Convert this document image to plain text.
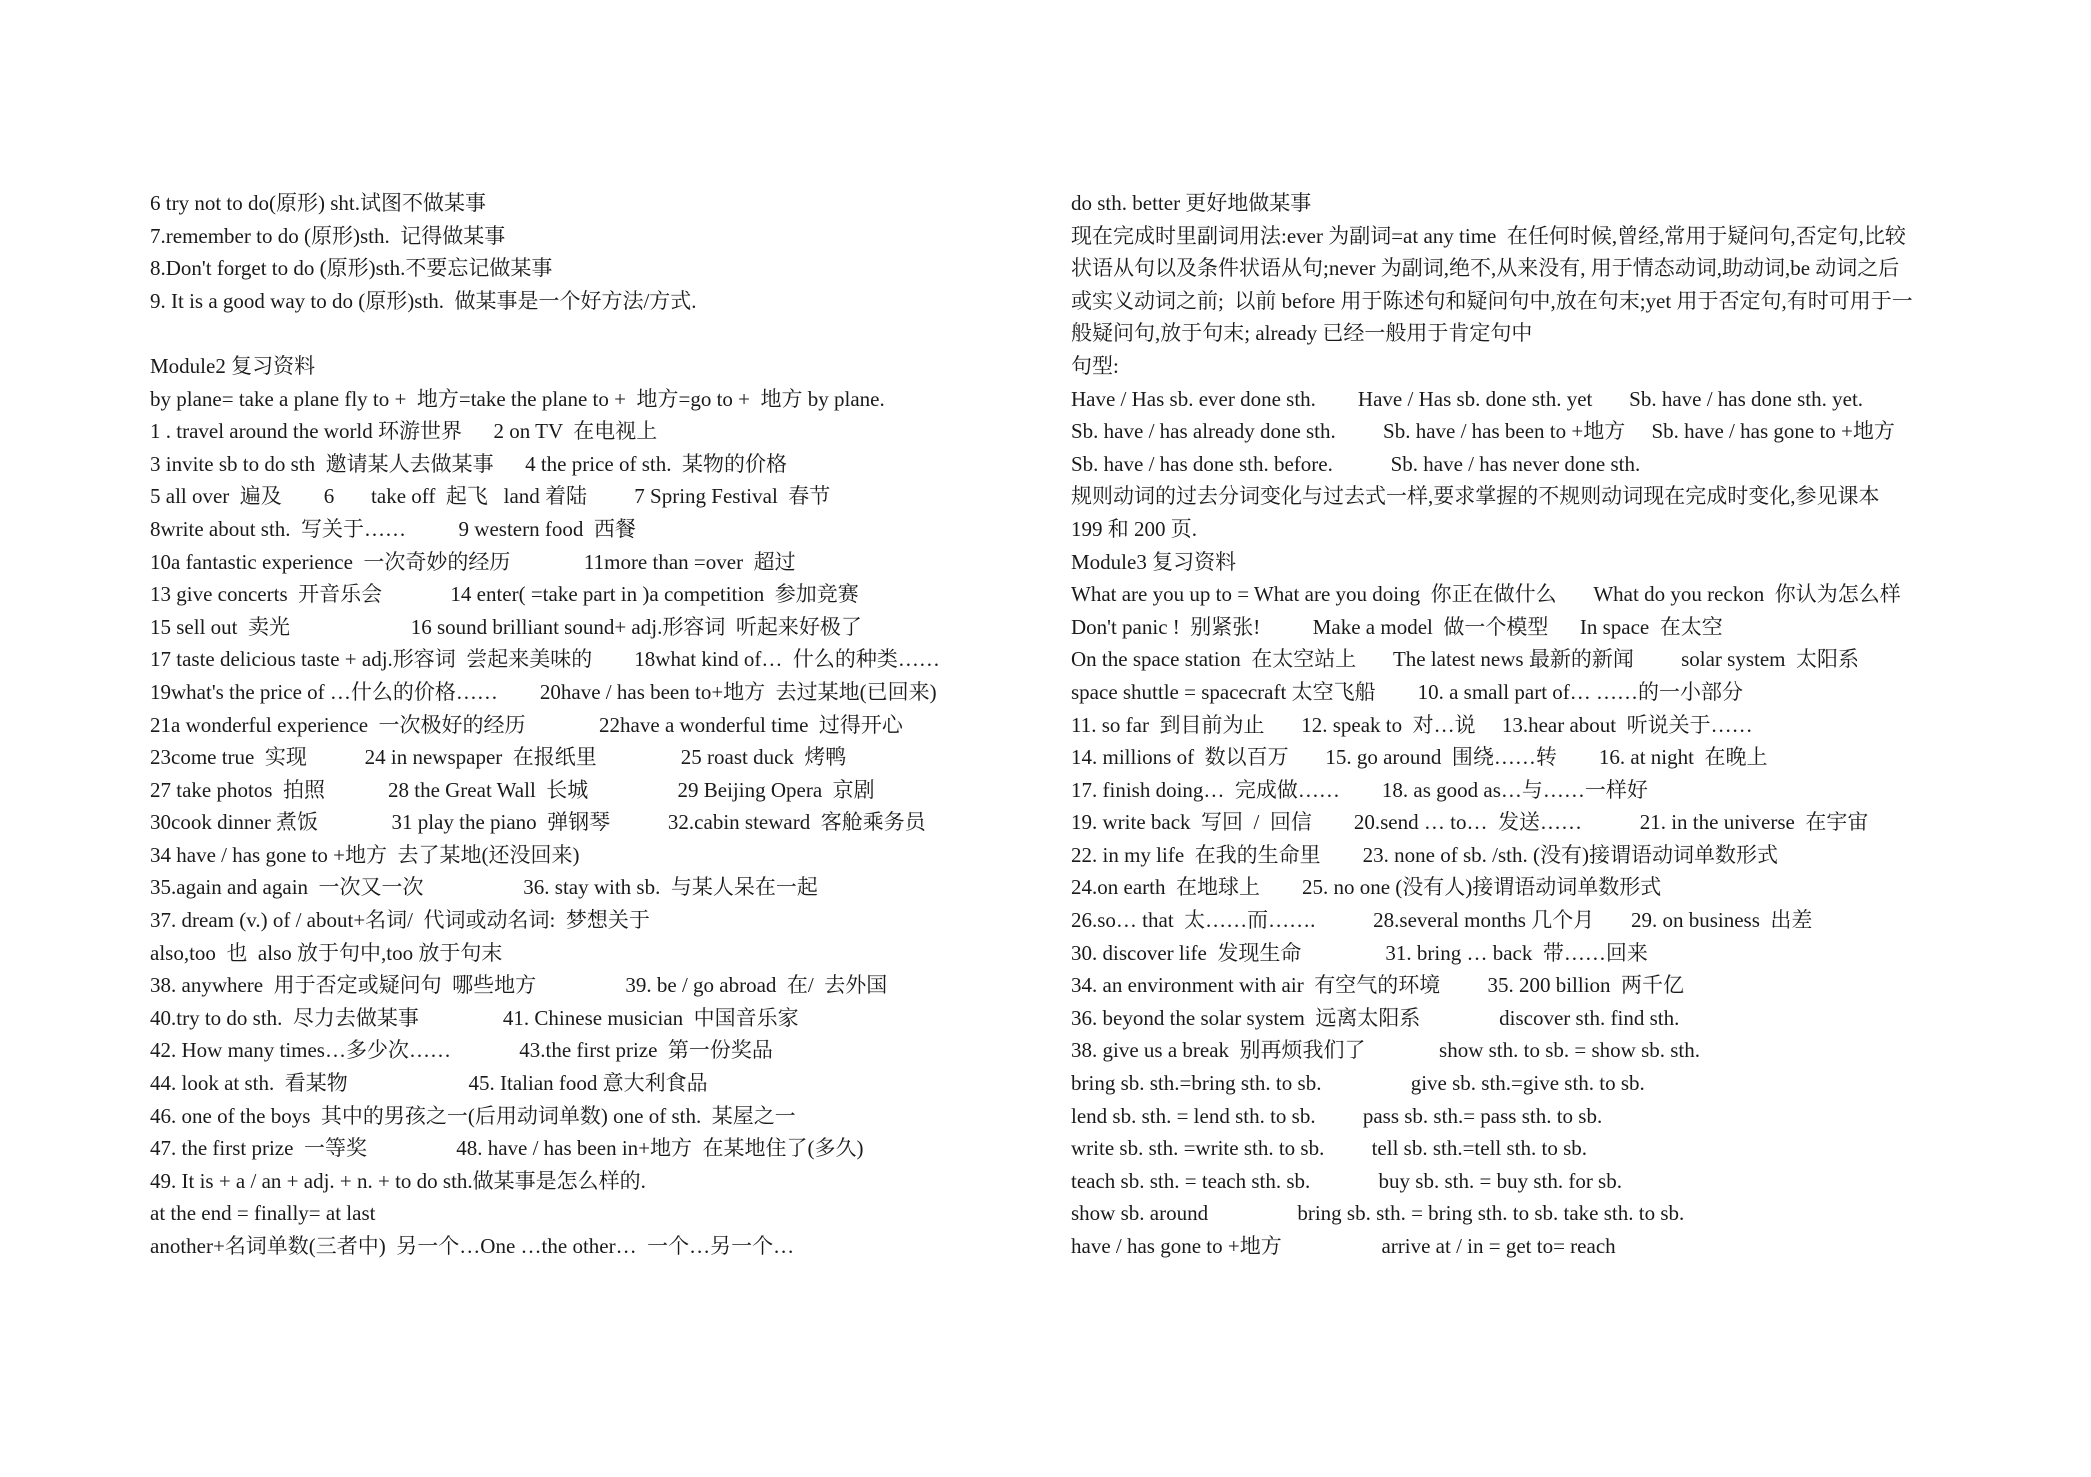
6 try not to do(原形) sht.试图不做某事
7.remember to do (原形)sth.  记得做某事
8.Don't forget to do (原形)sth.不要忘记做某事
9. It is a good way to do (原形)sth.  做某事是一个好方法/方式.
Module2 复习资料
by plane= take a plane fly to +  地方=take the plane to +  地方=go to +  地方 by plane.
1 . travel around the world 环游世界      2 on TV  在电视上
3 invite sb to do sth  邀请某人去做某事      4 the price of sth.  某物的价格
5 all over  遍及        6       take off  起飞   land 着陆         7 Spring Festival  春节
8write about sth.  写关于……          9 western food  西餐
10a fantastic experience  一次奇妙的经历              11more than =over  超过
13 give concerts  开音乐会             14 enter( =take part in )a competition  参加竞赛
15 sell out  卖光                       16 sound brilliant sound+ adj.形容词  听起来好极了
17 taste delicious taste + adj.形容词  尝起来美味的        18what kind of…  什么的种类……
19what's the price of …什么的价格……        20have / has been to+地方  去过某地(已回来)
21a wonderful experience  一次极好的经历              22have a wonderful time  过得开心
23come true  实现           24 in newspaper  在报纸里                25 roast duck  烤鸭
27 take photos  拍照            28 the Great Wall  长城                 29 Beijing Opera  京剧
30cook dinner 煮饭              31 play the piano  弹钢琴           32.cabin steward  客舱乘务员
34 have / has gone to +地方  去了某地(还没回来)
35.again and again  一次又一次                   36. stay with sb.  与某人呆在一起
37. dream (v.) of / about+名词/  代词或动名词:  梦想关于
also,too  也  also 放于句中,too 放于句末
38. anywhere  用于否定或疑问句  哪些地方                 39. be / go abroad  在/  去外国
40.try to do sth.  尽力去做某事                41. Chinese musician  中国音乐家
42. How many times…多少次……             43.the first prize  第一份奖品
44. look at sth.  看某物                       45. Italian food 意大利食品
46. one of the boys  其中的男孩之一(后用动词单数) one of sth.  某屋之一
47. the first prize  一等奖                 48. have / has been in+地方  在某地住了(多久)
49. It is + a / an + adj. + n. + to do sth.做某事是怎么样的.
at the end = finally= at last
another+名词单数(三者中)  另一个…One …the other…  一个…另一个…
do sth. better 更好地做某事
现在完成时里副词用法:ever 为副词=at any time  在任何时候,曾经,常用于疑问句,否定句,比较
状语从句以及条件状语从句;never 为副词,绝不,从来没有, 用于情态动词,助动词,be 动词之后
或实义动词之前;  以前 before 用于陈述句和疑问句中,放在句末;yet 用于否定句,有时可用于一
般疑问句,放于句末; already 已经一般用于肯定句中
句型:
Have / Has sb. ever done sth.        Have / Has sb. done sth. yet       Sb. have / has done sth. yet.
Sb. have / has already done sth.         Sb. have / has been to +地方     Sb. have / has gone to +地方
Sb. have / has done sth. before.           Sb. have / has never done sth.
规则动词的过去分词变化与过去式一样,要求掌握的不规则动词现在完成时变化,参见课本
199 和 200 页.
Module3 复习资料
What are you up to = What are you doing  你正在做什么       What do you reckon  你认为怎么样
Don't panic !  别紧张!          Make a model  做一个模型      In space  在太空
On the space station  在太空站上       The latest news 最新的新闻         solar system  太阳系
space shuttle = spacecraft 太空飞船        10. a small part of… ……的一小部分
11. so far  到目前为止       12. speak to  对…说     13.hear about  听说关于……
14. millions of  数以百万       15. go around  围绕……转        16. at night  在晚上
17. finish doing…  完成做……        18. as good as…与……一样好
19. write back  写回  /  回信        20.send … to…  发送……           21. in the universe  在宇宙
22. in my life  在我的生命里        23. none of sb. /sth. (没有)接谓语动词单数形式
24.on earth  在地球上        25. no one (没有人)接谓语动词单数形式
26.so… that  太……而…….           28.several months 几个月       29. on business  出差
30. discover life  发现生命                31. bring … back  带……回来
34. an environment with air  有空气的环境         35. 200 billion  两千亿
36. beyond the solar system  远离太阳系               discover sth. find sth.
38. give us a break  别再烦我们了              show sth. to sb. = show sb. sth.
bring sb. sth.=bring sth. to sb.                 give sb. sth.=give sth. to sb.
lend sb. sth. = lend sth. to sb.         pass sb. sth.= pass sth. to sb.
write sb. sth. =write sth. to sb.         tell sb. sth.=tell sth. to sb.
teach sb. sth. = teach sth. sb.             buy sb. sth. = buy sth. for sb.
show sb. around                 bring sb. sth. = bring sth. to sb. take sth. to sb.
have / has gone to +地方                   arrive at / in = get to= reach
